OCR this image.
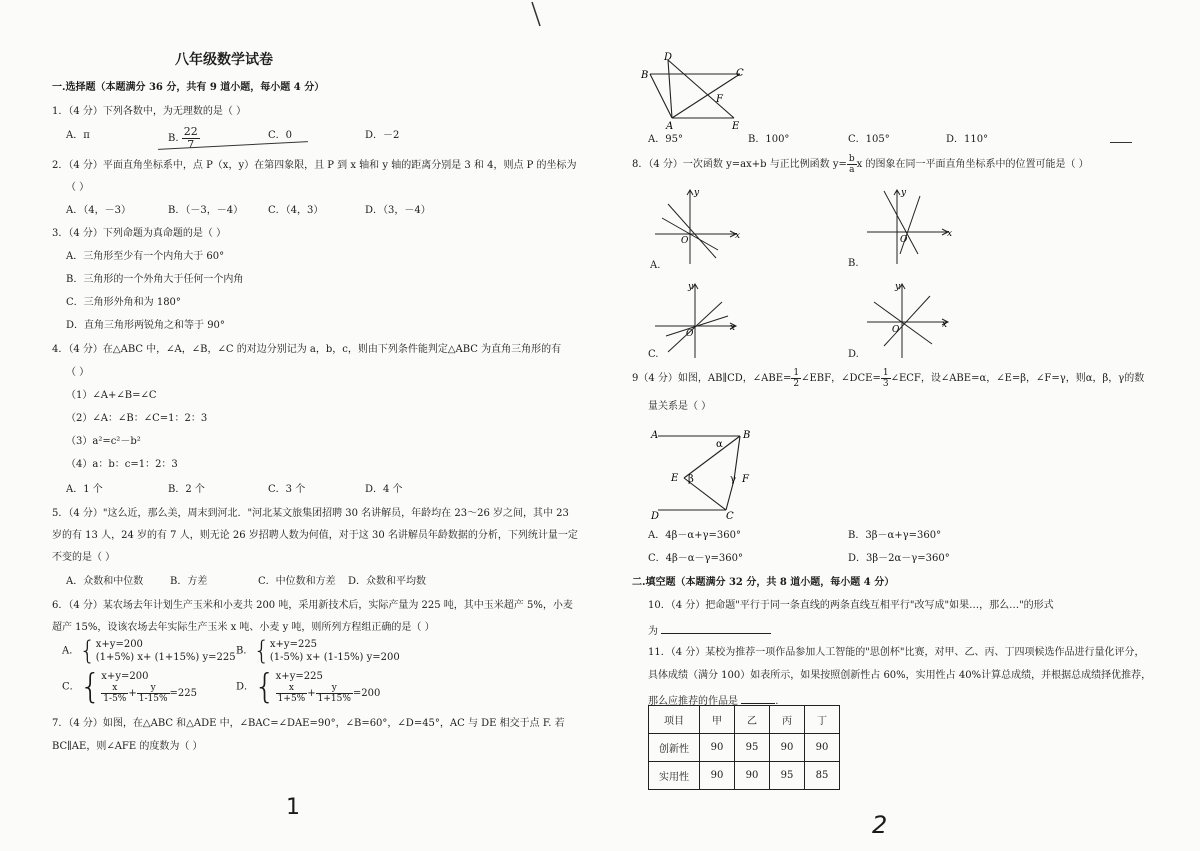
八年级数学试卷
一.选择题（本题满分 36 分，共有 9 道小题，每小题 4 分）
1．（4 分）下列各数中，为无理数的是（ ）
A．π	B. $\frac{22}{7}$	C．0	D．－2
2．（4 分）平面直角坐标系中，点 P（x，y）在第四象限，且 P 到 x 轴和 y 轴的距离分别是 3 和 4，则点 P 的坐标为
（ ）
A．（4，－3）	B．（－3，－4） C．（4，3）	D．（3，－4）
3．（4 分）下列命题为真命题的是（ ）
A．三角形至少有一个内角大于 60°
B．三角形的一个外角大于任何一个内角
C．三角形外角和为 180°
D．直角三角形两锐角之和等于 90°
4．（4 分）在△ABC 中，∠A，∠B，∠C 的对边分别记为 a，b，c，则由下列条件能判定△ABC 为直角三角形的有
（ ）
（1）∠A+∠B=∠C
（2）∠A：∠B：∠C=1：2：3
（3）a²=c²－b²
（4）a：b：c=1：2：3
A．1 个	B．2 个	C．3 个	D．4 个
5．（4 分）"这么近，那么美，周末到河北．"河北某文旅集团招聘 30 名讲解员，年龄均在 23～26 岁之间，其中 23
岁的有 13 人，24 岁的有 7 人，则无论 26 岁招聘人数为何值，对于这 30 名讲解员年龄数据的分析，下列统计量一定
不变的是（ ）
A．众数和中位数	B．方差	C．中位数和方差 D．众数和平均数
6．（4 分）某农场去年计划生产玉米和小麦共 200 吨，采用新技术后，实际产量为 225 吨，其中玉米超产 5%，小麦
超产 15%，设该农场去年实际生产玉米 x 吨、小麦 y 吨，则所列方程组正确的是（ ）
A．{ x+y=200
(1+5%) x+ (1+15%) y=225
B．{ x+y=225
(1-5%) x+ (1-15%) y=200
C．{ x+y=200
$\frac{x}{1-5\%} + \frac{y}{1-15\%} =225$
D．{ x+y=225
$\frac{x}{1+5\%} + \frac{y}{1+15\%} =200$
7．（4 分）如图，在△ABC 和△ADE 中，∠BAC=∠DAE=90°，∠B=60°，∠D=45°，AC 与 DE 相交于点 F. 若
BC∥AE，则∠AFE 的度数为（ ）
1
D
B	C
F
A	E
A．95°	B．100°	C．105°	D．110°
8．（4 分）一次函数 y=ax+b 与正比例函数 $y= \frac{b}{a}$ x 的图象在同一平面直角坐标系中的位置可能是（ ）
y
x
O
A.
y
x
O
B.
y
x
O
C.
y
x
O
D.
9（4 分）如图，AB∥CD，∠ABE= $\frac{1}{2}$ ∠EBF，∠DCE= $\frac{1}{3}$ ∠ECF，设∠ABE=α，∠E=β，∠F=γ，则α，β，γ的数
量关系是（ ）
A	B
E	F
D	C
α
β	γ
A．4β－α+γ=360°	B．3β－α+γ=360°
C．4β－α－γ=360°	D．3β－2α－γ=360°
二.填空题（本题满分 32 分，共 8 道小题，每小题 4 分）
10．（4 分）把命题"平行于同一条直线的两条直线互相平行"改写成"如果…，那么…"的形式
为
11．（4 分）某校为推荐一项作品参加人工智能的"思创杯"比赛，对甲、乙、丙、丁四项候选作品进行量化评分，
具体成绩（满分 100）如表所示，如果按照创新性占 60%，实用性占 40%计算总成绩，并根据总成绩择优推荐，
那么应推荐的作品是	.
项目	甲	乙	丙	丁
创新性	90	95	90	90
实用性	90	90	95	85
2
